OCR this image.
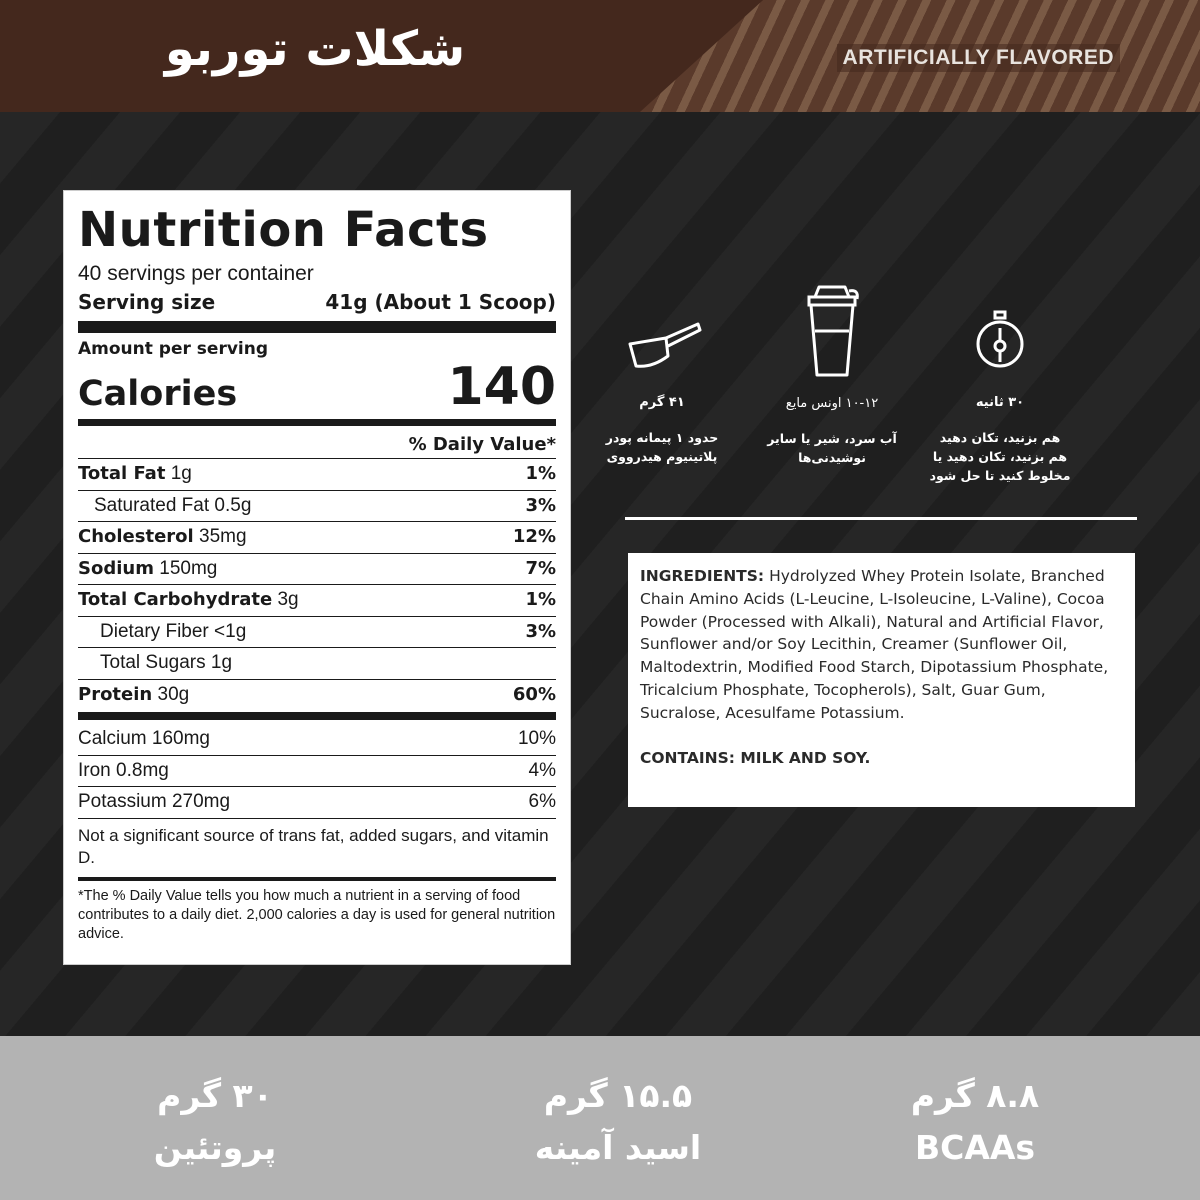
شکلات توربو	ARTIFICIALLY FLAVORED
Nutrition Facts
40 servings per container
Serving size	41g (About 1 Scoop)
Amount per serving
Calories	140
% Daily Value*
Total Fat 1g	1%
Saturated Fat 0.5g	3%
Cholesterol 35mg	12%
Sodium 150mg	7%
Total Carbohydrate 3g	1%
Dietary Fiber <1g	3%
Total Sugars 1g
Protein 30g	60%
Calcium 160mg	10%
Iron 0.8mg	4%
Potassium 270mg	6%
Not a significant source of trans fat, added sugars, and vitamin D.
*The % Daily Value tells you how much a nutrient in a serving of food contributes to a daily diet. 2,000 calories a day is used for general nutrition advice.
۴۱ گرم
حدود ۱ پیمانه پودر
پلاتینیوم هیدرووی
۱۰-۱۲ اونس مایع
آب سرد، شیر یا سایر
نوشیدنی‌ها
۳۰ ثانیه
هم بزنید، تکان دهید
هم بزنید، تکان دهید یا
مخلوط کنید تا حل شود
INGREDIENTS: Hydrolyzed Whey Protein Isolate, Branched Chain Amino Acids (L-Leucine, L-Isoleucine, L-Valine), Cocoa Powder (Processed with Alkali), Natural and Artificial Flavor, Sunflower and/or Soy Lecithin, Creamer (Sunflower Oil, Maltodextrin, Modified Food Starch, Dipotassium Phosphate, Tricalcium Phosphate, Tocopherols), Salt, Guar Gum, Sucralose, Acesulfame Potassium.
CONTAINS: MILK AND SOY.
۳۰ گرم
پروتئین
۱۵.۵ گرم
اسید آمینه
۸.۸ گرم
BCAAs
